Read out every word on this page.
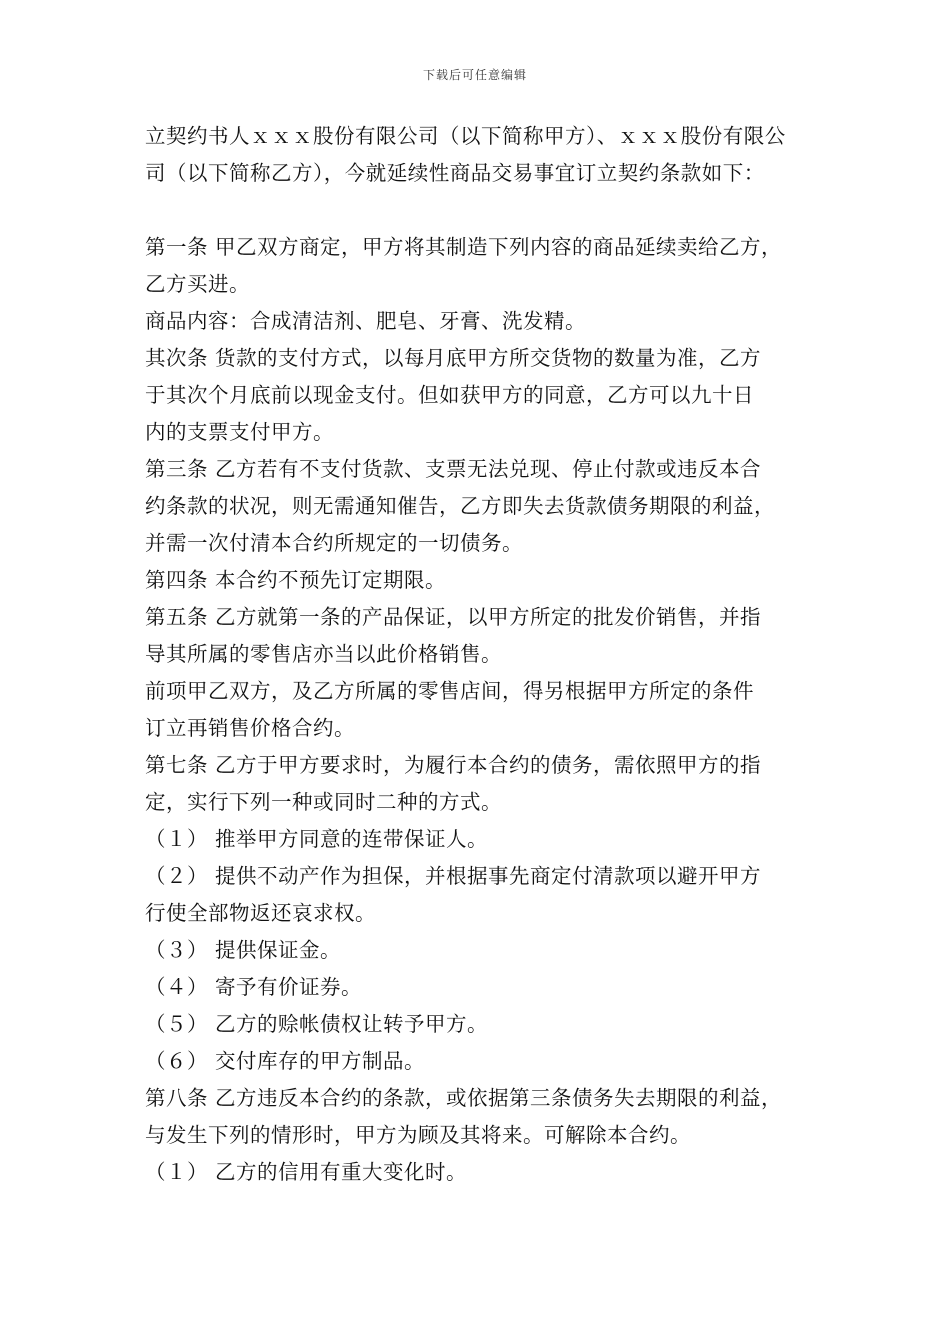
下载后可任意编辑
立契约书人ｘｘｘ股份有限公司（以下简称甲方）、ｘｘｘ股份有限公
司（以下简称乙方），今就延续性商品交易事宜订立契约条款如下：
第一条 甲乙双方商定，甲方将其制造下列内容的商品延续卖给乙方，
乙方买进。
商品内容：合成清洁剂、肥皂、牙膏、洗发精。
其次条 货款的支付方式，以每月底甲方所交货物的数量为准，乙方
于其次个月底前以现金支付。但如获甲方的同意，乙方可以九十日
内的支票支付甲方。
第三条 乙方若有不支付货款、支票无法兑现、停止付款或违反本合
约条款的状况，则无需通知催告，乙方即失去货款债务期限的利益，
并需一次付清本合约所规定的一切债务。
第四条 本合约不预先订定期限。
第五条 乙方就第一条的产品保证，以甲方所定的批发价销售，并指
导其所属的零售店亦当以此价格销售。
前项甲乙双方，及乙方所属的零售店间，得另根据甲方所定的条件
订立再销售价格合约。
第七条 乙方于甲方要求时，为履行本合约的债务，需依照甲方的指
定，实行下列一种或同时二种的方式。
（１） 推举甲方同意的连带保证人。
（２） 提供不动产作为担保，并根据事先商定付清款项以避开甲方
行使全部物返还哀求权。
（３） 提供保证金。
（４） 寄予有价证券。
（５） 乙方的赊帐债权让转予甲方。
（６） 交付库存的甲方制品。
第八条 乙方违反本合约的条款，或依据第三条债务失去期限的利益，
与发生下列的情形时，甲方为顾及其将来。可解除本合约。
（１） 乙方的信用有重大变化时。
